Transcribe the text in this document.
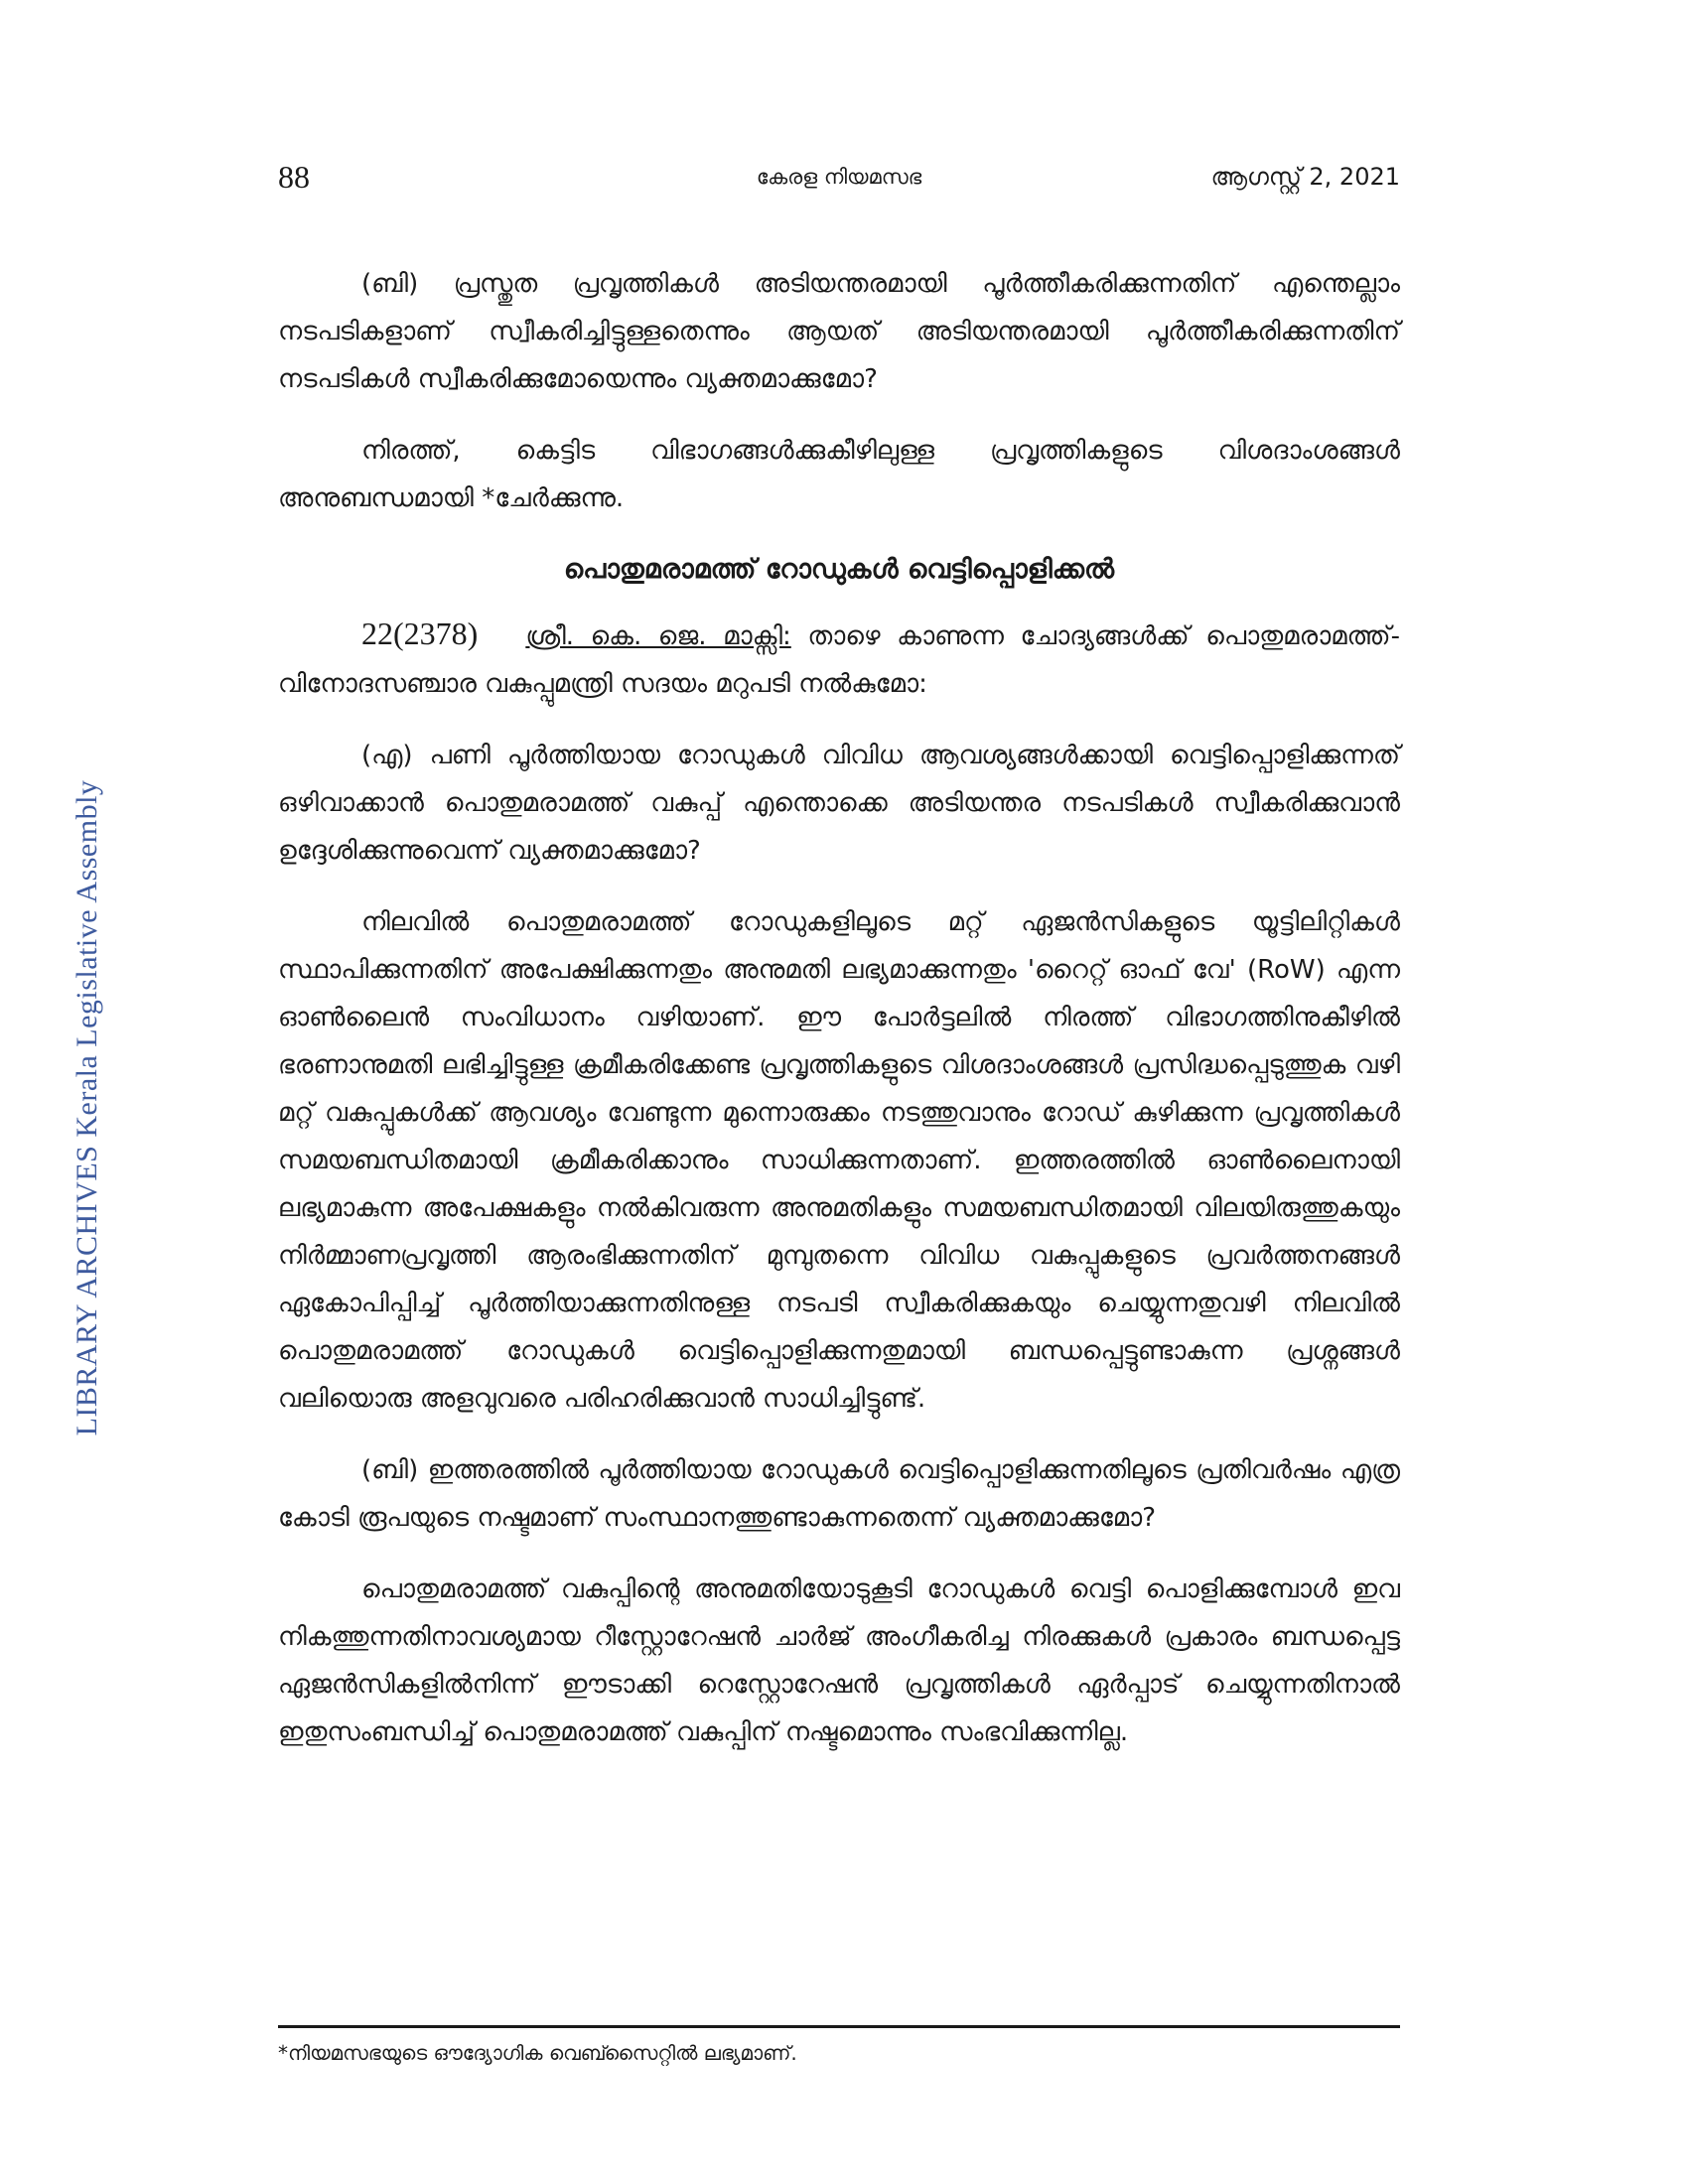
LIBRARY ARCHIVES Kerala Legislative Assembly
88	കേരള നിയമസഭ	ആഗസ്റ്റ് 2, 2021

(ബി) പ്രസ്തുത പ്രവൃത്തികൾ അടിയന്തരമായി പൂർത്തീകരിക്കുന്നതിന് എന്തെല്ലാം നടപടികളാണ് സ്വീകരിച്ചിട്ടുള്ളതെന്നും ആയത് അടിയന്തരമായി പൂർത്തീകരിക്കുന്നതിന് നടപടികൾ സ്വീകരിക്കുമോയെന്നും വ്യക്തമാക്കുമോ?

നിരത്ത്, കെട്ടിട വിഭാഗങ്ങൾക്കുകീഴിലുള്ള പ്രവൃത്തികളുടെ വിശദാംശങ്ങൾ അനുബന്ധമായി *ചേർക്കുന്നു.

പൊതുമരാമത്ത് റോഡുകൾ വെട്ടിപ്പൊളിക്കൽ

22(2378) ശ്രീ. കെ. ജെ. മാക്സി: താഴെ കാണുന്ന ചോദ്യങ്ങൾക്ക് പൊതുമരാമത്ത്-വിനോദസഞ്ചാര വകുപ്പുമന്ത്രി സദയം മറുപടി നൽകുമോ:

(എ) പണി പൂർത്തിയായ റോഡുകൾ വിവിധ ആവശ്യങ്ങൾക്കായി വെട്ടിപ്പൊളിക്കുന്നത് ഒഴിവാക്കാൻ പൊതുമരാമത്ത് വകുപ്പ് എന്തൊക്കെ അടിയന്തര നടപടികൾ സ്വീകരിക്കുവാൻ ഉദ്ദേശിക്കുന്നുവെന്ന് വ്യക്തമാക്കുമോ?

നിലവിൽ പൊതുമരാമത്ത് റോഡുകളിലൂടെ മറ്റ് ഏജൻസികളുടെ യൂട്ടിലിറ്റികൾ സ്ഥാപിക്കുന്നതിന് അപേക്ഷിക്കുന്നതും അനുമതി ലഭ്യമാക്കുന്നതും 'റൈറ്റ് ഓഫ് വേ' (RoW) എന്ന ഓൺലൈൻ സംവിധാനം വഴിയാണ്. ഈ പോർട്ടലിൽ നിരത്ത് വിഭാഗത്തിനുകീഴിൽ ഭരണാനുമതി ലഭിച്ചിട്ടുള്ള ക്രമീകരിക്കേണ്ട പ്രവൃത്തികളുടെ വിശദാംശങ്ങൾ പ്രസിദ്ധപ്പെടുത്തുക വഴി മറ്റ് വകുപ്പുകൾക്ക് ആവശ്യം വേണ്ടുന്ന മുന്നൊരുക്കം നടത്തുവാനും റോഡ് കുഴിക്കുന്ന പ്രവൃത്തികൾ സമയബന്ധിതമായി ക്രമീകരിക്കാനും സാധിക്കുന്നതാണ്. ഇത്തരത്തിൽ ഓൺലൈനായി ലഭ്യമാകുന്ന അപേക്ഷകളും നൽകിവരുന്ന അനുമതികളും സമയബന്ധിതമായി വിലയിരുത്തുകയും നിർമ്മാണപ്രവൃത്തി ആരംഭിക്കുന്നതിന് മുമ്പുതന്നെ വിവിധ വകുപ്പുകളുടെ പ്രവർത്തനങ്ങൾ ഏകോപിപ്പിച്ച് പൂർത്തിയാക്കുന്നതിനുള്ള നടപടി സ്വീകരിക്കുകയും ചെയ്യുന്നതുവഴി നിലവിൽ പൊതുമരാമത്ത് റോഡുകൾ വെട്ടിപ്പൊളിക്കുന്നതുമായി ബന്ധപ്പെട്ടുണ്ടാകുന്ന പ്രശ്നങ്ങൾ വലിയൊരു അളവുവരെ പരിഹരിക്കുവാൻ സാധിച്ചിട്ടുണ്ട്.

(ബി) ഇത്തരത്തിൽ പൂർത്തിയായ റോഡുകൾ വെട്ടിപ്പൊളിക്കുന്നതിലൂടെ പ്രതിവർഷം എത്ര കോടി രൂപയുടെ നഷ്ടമാണ് സംസ്ഥാനത്തുണ്ടാകുന്നതെന്ന് വ്യക്തമാക്കുമോ?

പൊതുമരാമത്ത് വകുപ്പിന്റെ അനുമതിയോടുകൂടി റോഡുകൾ വെട്ടി പൊളിക്കുമ്പോൾ ഇവ നികത്തുന്നതിനാവശ്യമായ റീസ്റ്റോറേഷൻ ചാർജ് അംഗീകരിച്ച നിരക്കുകൾ പ്രകാരം ബന്ധപ്പെട്ട ഏജൻസികളിൽനിന്ന് ഈടാക്കി റെസ്റ്റോറേഷൻ പ്രവൃത്തികൾ ഏർപ്പാട് ചെയ്യുന്നതിനാൽ ഇതുസംബന്ധിച്ച് പൊതുമരാമത്ത് വകുപ്പിന് നഷ്ടമൊന്നും സംഭവിക്കുന്നില്ല.

*നിയമസഭയുടെ ഔദ്യോഗിക വെബ്സൈറ്റിൽ ലഭ്യമാണ്.
